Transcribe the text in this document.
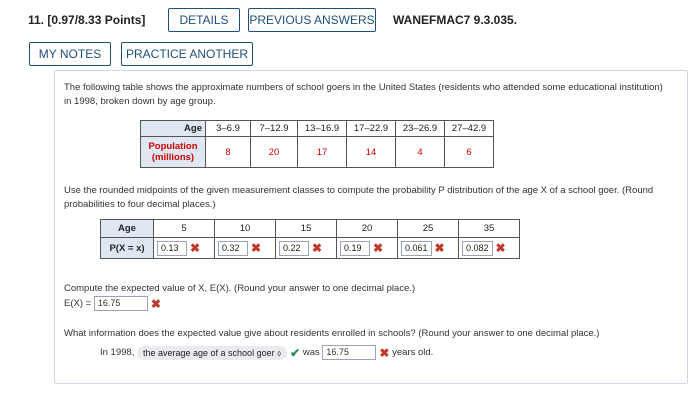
11. [0.97/8.33 Points]	DETAILS	PREVIOUS ANSWERS WANEFMAC7 9.3.035.
MY NOTES	PRACTICE ANOTHER
The following table shows the approximate numbers of school goers in the United States (residents who attended some educational institution) in 1998, broken down by age group.
Age	3–6.9	7–12.9	13–16.9	17–22.9	23–26.9	27–42.9
Population
(millions)	8	20	17	14	4	6
Use the rounded midpoints of the given measurement classes to compute the probability P distribution of the age X of a school goer. (Round probabilities to four decimal places.)
Age	5	10	15	20	25	35
P(X = x)	0.13 ✖	0.32 ✖	0.22 ✖	0.19 ✖	0.061 ✖	0.082 ✖
Compute the expected value of X, E(X). (Round your answer to one decimal place.)
E(X) = 16.75	✖
What information does the expected value give about residents enrolled in schools? (Round your answer to one decimal place.)
In 1998, the average age of a school goer ⬨ ✔ was 16.75	✖ years old.
